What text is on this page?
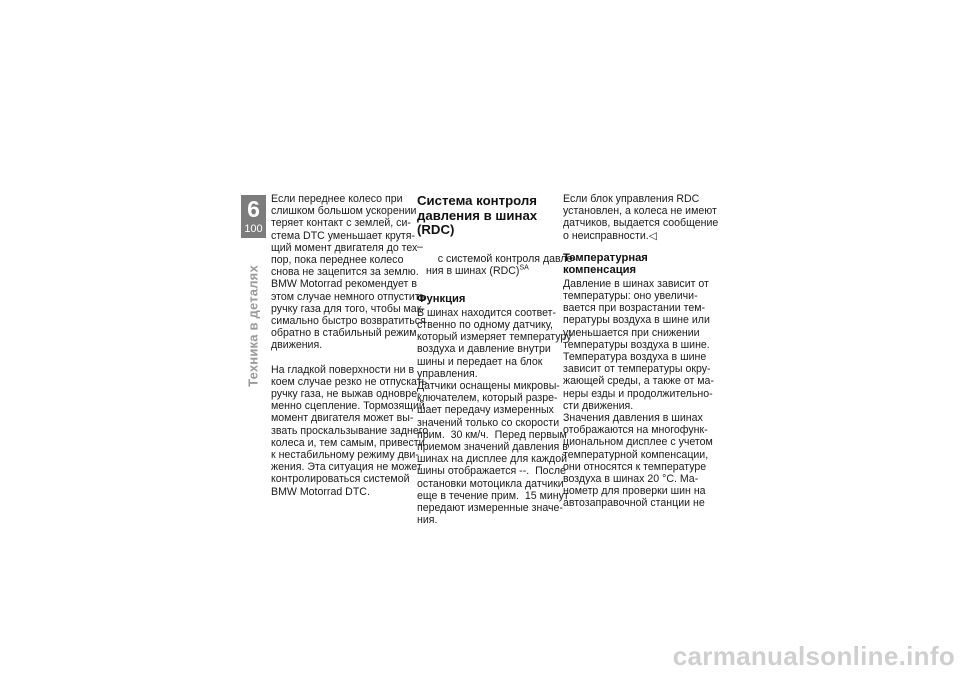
6
100
Техника в деталях

Если переднее колесо при
слишком большом ускорении
теряет контакт с землей, си-
стема DTC уменьшает крутя-
щий момент двигателя до тех
пор, пока переднее колесо
снова не зацепится за землю.
BMW Motorrad рекомендует в
этом случае немного отпустить
ручку газа для того, чтобы мак-
симально быстро возвратиться
обратно в стабильный режим
движения.

На гладкой поверхности ни в
коем случае резко не отпускать
ручку газа, не выжав одновре-
менно сцепление. Тормозящий
момент двигателя может вы-
звать проскальзывание заднего
колеса и, тем самым, привести
к нестабильному режиму дви-
жения. Эта ситуация не может
контролироваться системой
BMW Motorrad DTC.

Система контроля
давления в шинах
(RDC)

–
с системой контроля давле-
ния в шинах (RDC)$^{SA}$

Функция

В шинах находится соответ-
ственно по одному датчику,
который измеряет температуру
воздуха и давление внутри
шины и передает на блок
управления.
Датчики оснащены микровы-
ключателем, который разре-
шает передачу измеренных
значений только со скорости
прим.  30 км/ч.  Перед первым
приемом значений давления в
шинах на дисплее для каждой
шины отображается --.  После
остановки мотоцикла датчики
еще в течение прим.  15 минут
передают измеренные значе-
ния.

Если блок управления RDC
установлен, а колеса не имеют
датчиков, выдается сообщение
о неисправности.◁

Температурная
компенсация

Давление в шинах зависит от
температуры: оно увеличи-
вается при возрастании тем-
пературы воздуха в шине или
уменьшается при снижении
температуры воздуха в шине.
Температура воздуха в шине
зависит от температуры окру-
жающей среды, а также от ма-
неры езды и продолжительно-
сти движения.
Значения давления в шинах
отображаются на многофунк-
циональном дисплее с учетом
температурной компенсации,
они относятся к температуре
воздуха в шинах 20 °C. Ма-
нометр для проверки шин на
автозаправочной станции не

carmanualsonline.info
